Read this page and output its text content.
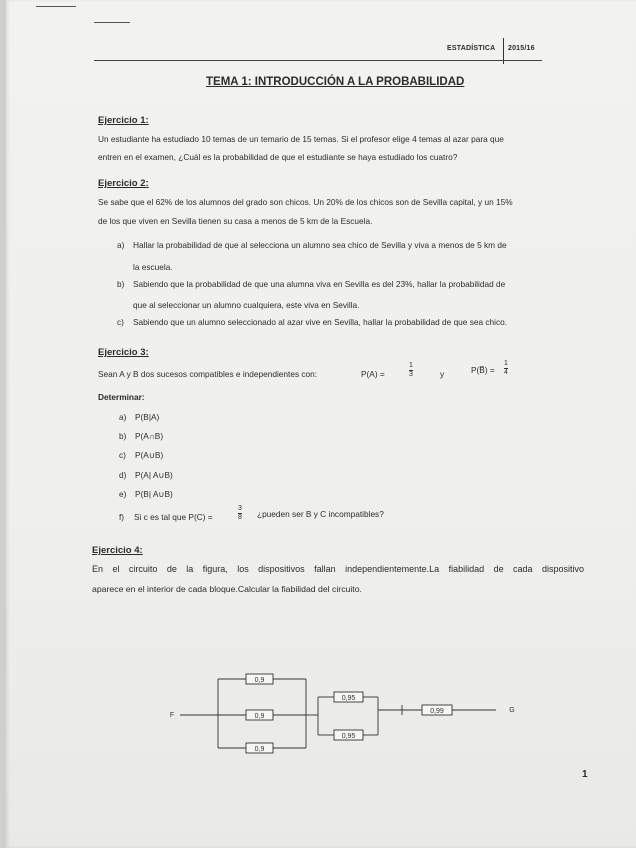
ESTADÍSTICA 2015/16
TEMA 1: INTRODUCCIÓN A LA PROBABILIDAD
Ejercicio 1:
Un estudiante ha estudiado 10 temas de un temario de 15 temas. Si el profesor elige 4 temas al azar para que
entren en el examen, ¿Cuál es la probabilidad de que el estudiante se haya estudiado los cuatro?
Ejercicio 2:
Se sabe que el 62% de los alumnos del grado son chicos. Un 20% de los chicos son de Sevilla capital, y un 15%
de los que viven en Sevilla tienen su casa a menos de 5 km de la Escuela.
a) Hallar la probabilidad de que al selecciona un alumno sea chico de Sevilla y viva a menos de 5 km de
la escuela.
b) Sabiendo que la probabilidad de que una alumna viva en Sevilla es del 23%, hallar la probabilidad de
que al seleccionar un alumno cualquiera, este viva en Sevilla.
c) Sabiendo que un alumno seleccionado al azar vive en Sevilla, hallar la probabilidad de que sea chico.
Ejercicio 3:
Sean A y B dos sucesos compatibles e independientes con:	P(A) =	$\frac{1}{3}$	y	P(B̅) = $\frac{1}{4}$
Determinar:
a) P(B|A)
b) P(A∩B)
c) P(A∪B)
d) P(A| A∪B)
e) P(B| A∪B)
f) Si c es tal que P(C) =	$\frac{3}{8}$ ¿pueden ser B y C incompatibles?
Ejercicio 4:
En el circuito de la figura, los dispositivos fallan independientemente.La fiabilidad de cada dispositivo
aparece en el interior de cada bloque.Calcular la fiabilidad del circuito.
F
G
0,9
0,9
0,9
0,95
0,95
0,99
1
